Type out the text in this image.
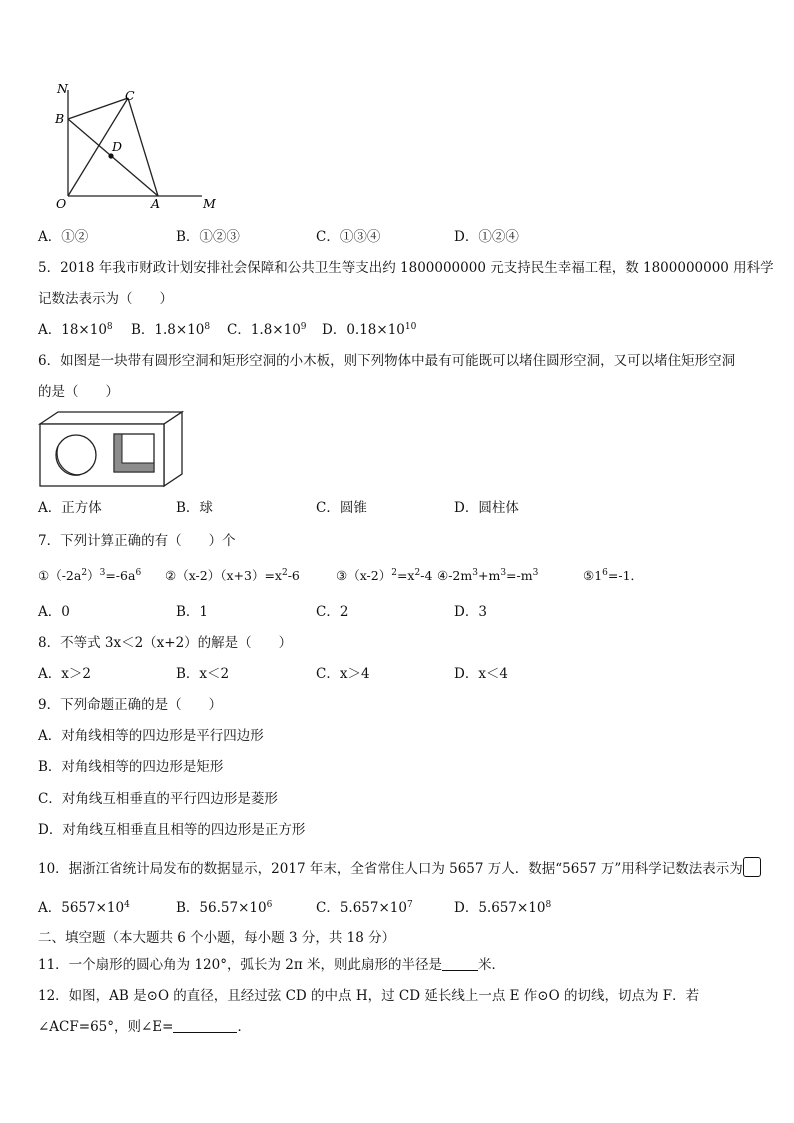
N	C
B
D
O	A	M
A．①②	B．①②③	C．①③④	D．①②④
5．2018 年我市财政计划安排社会保障和公共卫生等支出约 1800000000 元支持民生幸福工程，数 1800000000 用科学
记数法表示为（　　）
A．$18\times 10^8$ B．$1.8\times 10^8$ C．$1.8\times 10^9$ D．$0.18\times 10^{10}$
6．如图是一块带有圆形空洞和矩形空洞的小木板，则下列物体中最有可能既可以堵住圆形空洞，又可以堵住矩形空洞
的是（　　）
A．正方体	B．球	C．圆锥	D．圆柱体
7．下列计算正确的有（　　）个
$①(-2a^2)^3=-6a^6$ $②(x-2)(x+3)=x^2-6$	$③(x-2)^2=x^2-4$ $④-2m^3+m^3=-m^3$	$⑤1^6=-1$．
A．0	B．1	C．2	D．3
8．不等式 3x＜2（x+2）的解是（　　）
A．x＞2	B．x＜2	C．x＞4	D．x＜4
9．下列命题正确的是（　　）
A．对角线相等的四边形是平行四边形
B．对角线相等的四边形是矩形
C．对角线互相垂直的平行四边形是菱形
D．对角线互相垂直且相等的四边形是正方形
10．据浙江省统计局发布的数据显示，2017 年末，全省常住人口为 5657 万人．数据“5657 万”用科学记数法表示为
A．$5657\times 10^4$	B．$56.57\times 10^6$	C．$5.657\times 10^7$	D．$5.657\times 10^8$
二、填空题（本大题共 6 个小题，每小题 3 分，共 18 分）
11．一个扇形的圆心角为 120°，弧长为 2π 米，则此扇形的半径是	米．
12．如图，AB 是⊙O 的直径，且经过弦 CD 的中点 H，过 CD 延长线上一点 E 作⊙O 的切线，切点为 F．若
∠ACF=65°，则∠E=	．
